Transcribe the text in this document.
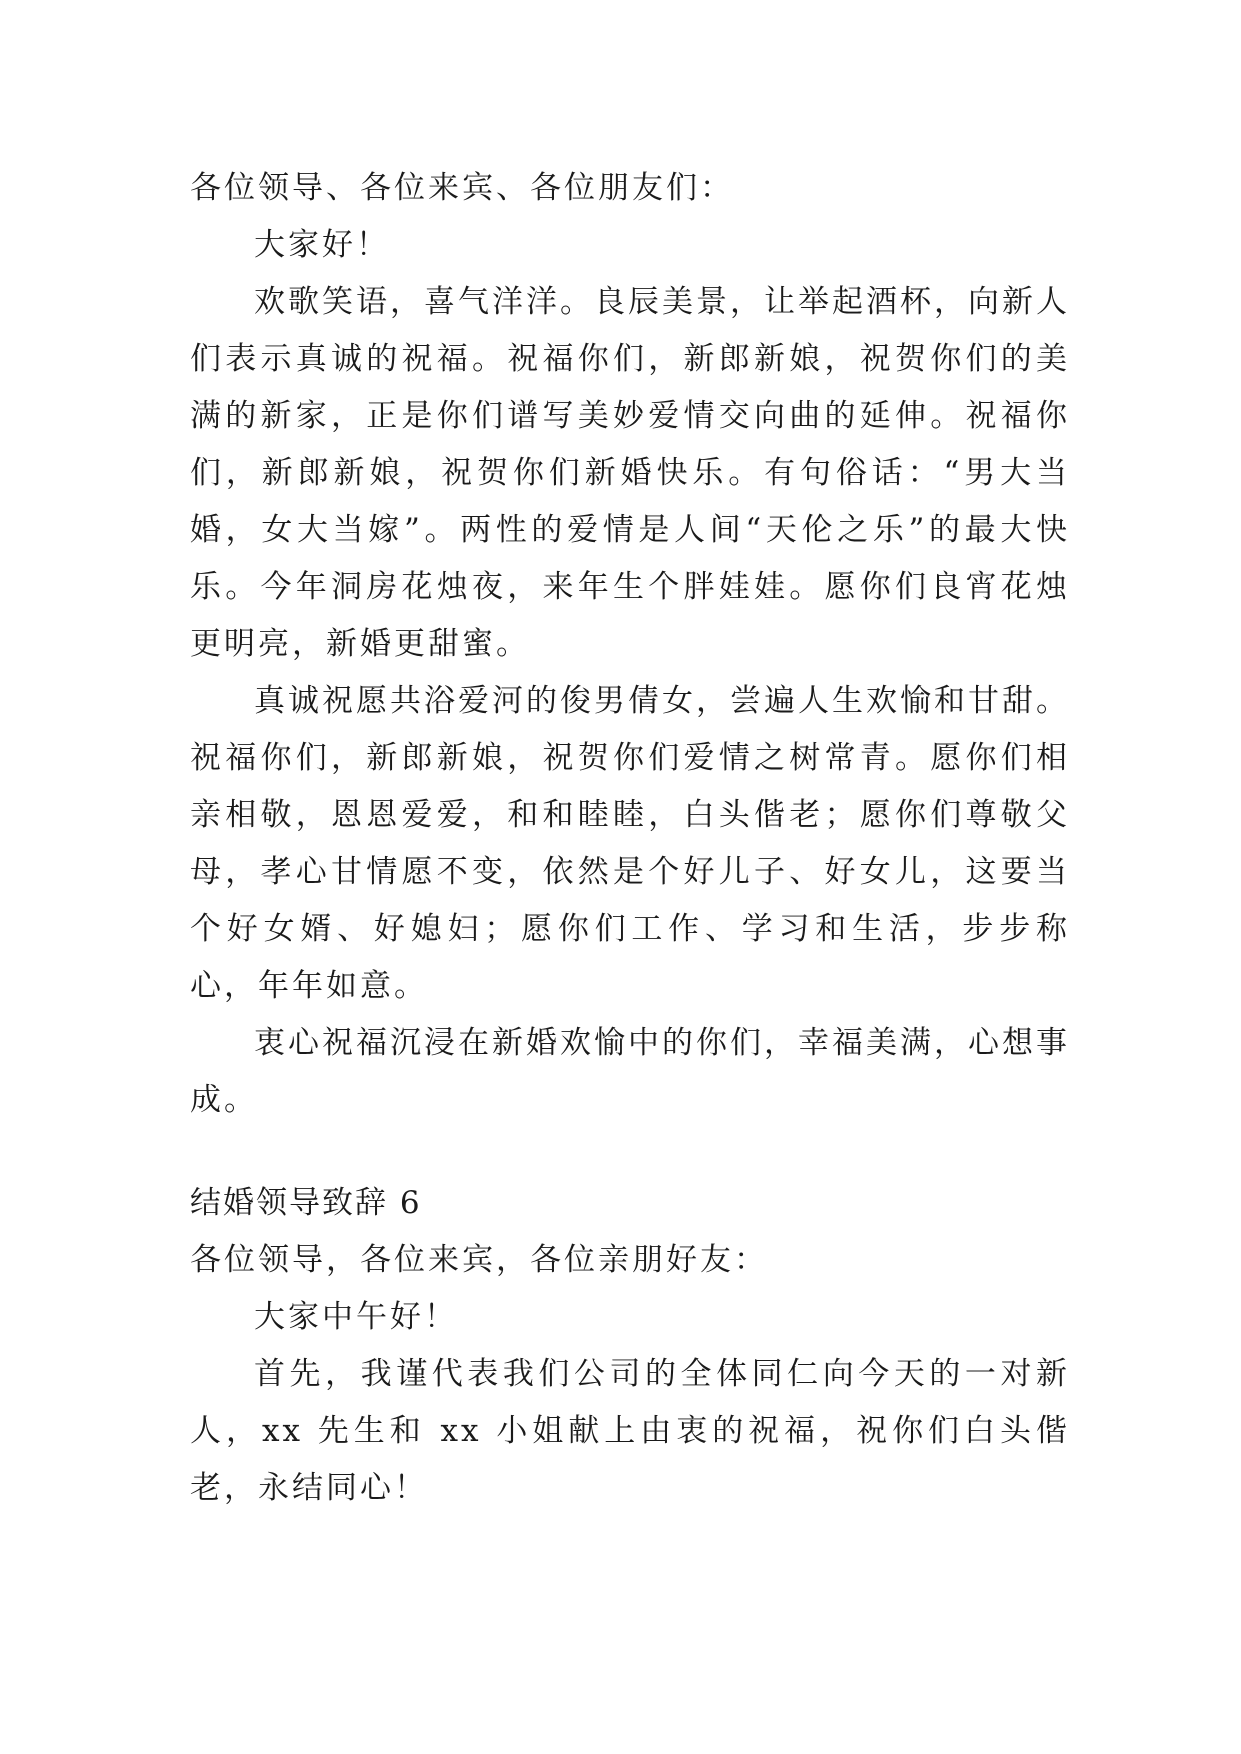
各位领导、各位来宾、各位朋友们：

大家好！

欢歌笑语，喜气洋洋。良辰美景，让举起酒杯，向新人们表示真诚的祝福。祝福你们，新郎新娘，祝贺你们的美满的新家，正是你们谱写美妙爱情交向曲的延伸。祝福你们，新郎新娘，祝贺你们新婚快乐。有句俗话：“男大当婚，女大当嫁”。两性的爱情是人间“天伦之乐”的最大快乐。今年洞房花烛夜，来年生个胖娃娃。愿你们良宵花烛更明亮，新婚更甜蜜。

真诚祝愿共浴爱河的俊男倩女，尝遍人生欢愉和甘甜。祝福你们，新郎新娘，祝贺你们爱情之树常青。愿你们相亲相敬，恩恩爱爱，和和睦睦，白头偕老；愿你们尊敬父母，孝心甘情愿不变，依然是个好儿子、好女儿，这要当个好女婿、好媳妇；愿你们工作、学习和生活，步步称心，年年如意。

衷心祝福沉浸在新婚欢愉中的你们，幸福美满，心想事成。

结婚领导致辞 6

各位领导，各位来宾，各位亲朋好友：

大家中午好！

首先，我谨代表我们公司的全体同仁向今天的一对新人，xx 先生和 xx 小姐献上由衷的祝福，祝你们白头偕老，永结同心！
